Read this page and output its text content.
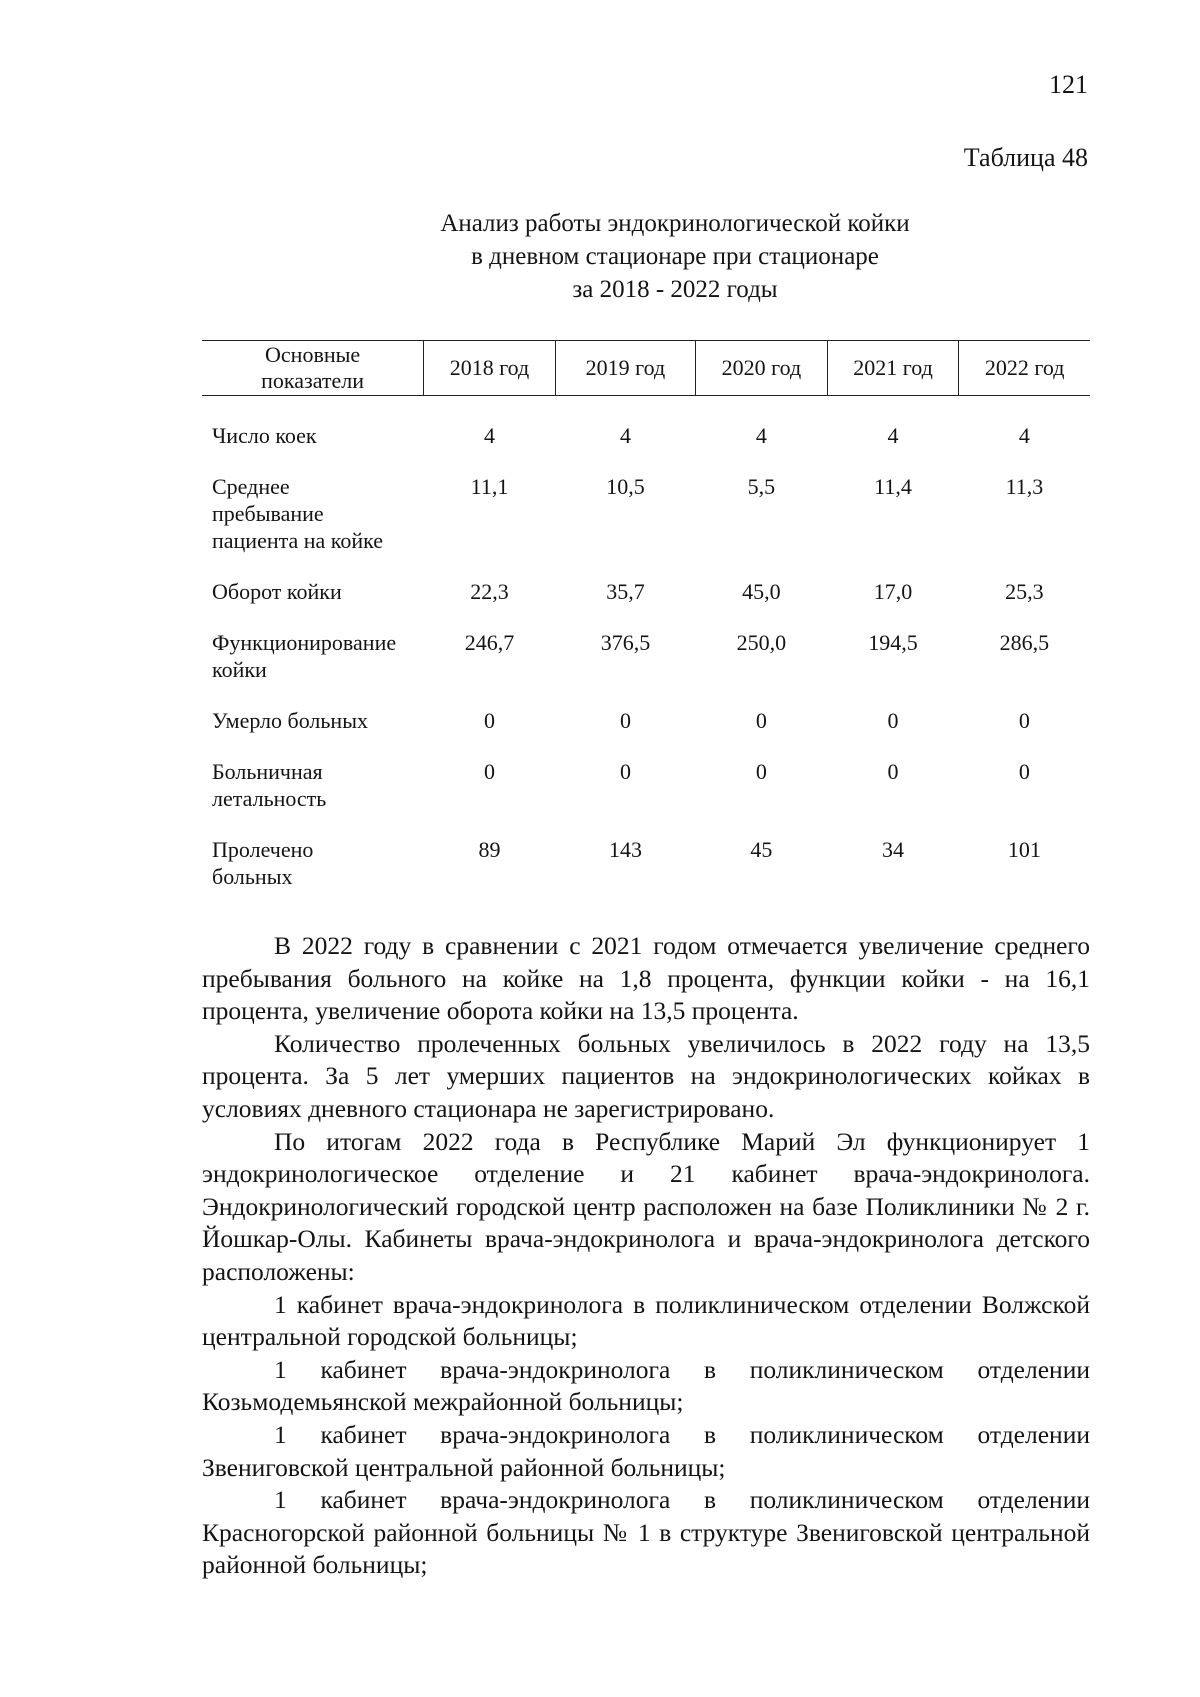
121
Таблица 48
Анализ работы эндокринологической койки
в дневном стационаре при стационаре
за 2018 - 2022 годы
Основные
показатели	2018 год	2019 год	2020 год	2021 год	2022 год
Число коек	4	4	4	4	4

Среднее пребывание пациента на койке	11,1	10,5	5,5	11,4	11,3

Оборот койки	22,3	35,7	45,0	17,0	25,3

Функционирование койки	246,7	376,5	250,0	194,5	286,5

Умерло больных	0	0	0	0	0

Больничная летальность	0	0	0	0	0

Пролечено больных	89	143	45	34	101

В 2022 году в сравнении с 2021 годом отмечается увеличение среднего пребывания больного на койке на 1,8 процента, функции койки - на 16,1 процента, увеличение оборота койки на 13,5 процента.

Количество пролеченных больных увеличилось в 2022 году на 13,5 процента. За 5 лет умерших пациентов на эндокринологических койках в условиях дневного стационара не зарегистрировано.

По итогам 2022 года в Республике Марий Эл функционирует 1 эндокринологическое отделение и 21 кабинет врача-эндокринолога. Эндокринологический городской центр расположен на базе Поликлиники № 2 г. Йошкар-Олы. Кабинеты врача-эндокринолога и врача-эндокринолога детского расположены:

1 кабинет врача-эндокринолога в поликлиническом отделении Волжской центральной городской больницы;

1 кабинет врача-эндокринолога в поликлиническом отделении Козьмодемьянской межрайонной больницы;

1 кабинет врача-эндокринолога в поликлиническом отделении Звениговской центральной районной больницы;

1 кабинет врача-эндокринолога в поликлиническом отделении Красногорской районной больницы № 1 в структуре Звениговской центральной районной больницы;
